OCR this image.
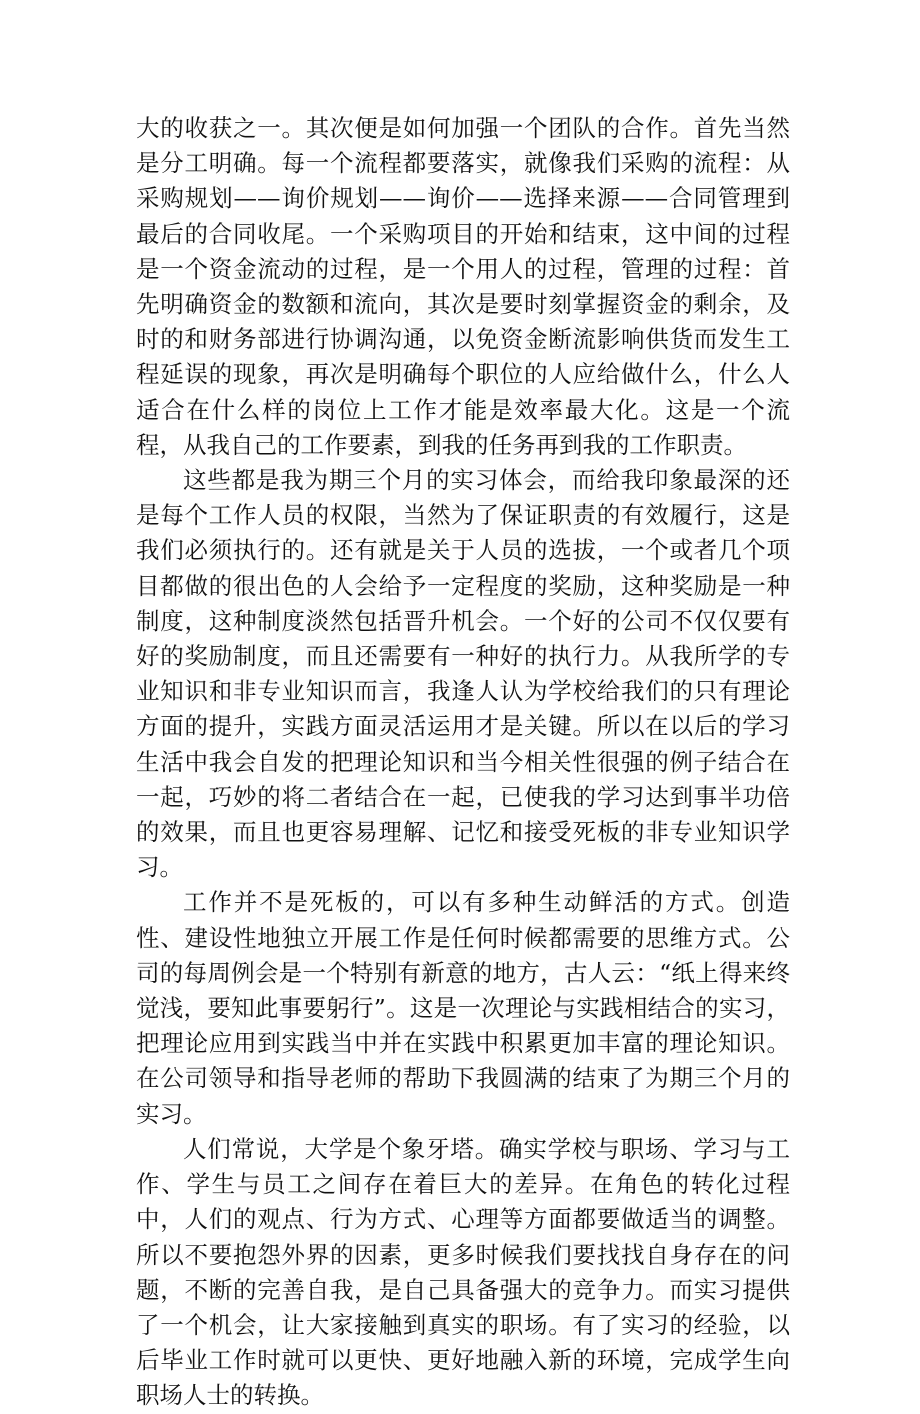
大的收获之一。其次便是如何加强一个团队的合作。首先当然是分工明确。每一个流程都要落实，就像我们采购的流程：从采购规划——询价规划——询价——选择来源——合同管理到最后的合同收尾。一个采购项目的开始和结束，这中间的过程是一个资金流动的过程，是一个用人的过程，管理的过程：首先明确资金的数额和流向，其次是要时刻掌握资金的剩余，及时的和财务部进行协调沟通，以免资金断流影响供货而发生工程延误的现象，再次是明确每个职位的人应给做什么，什么人适合在什么样的岗位上工作才能是效率最大化。这是一个流程，从我自己的工作要素，到我的任务再到我的工作职责。

这些都是我为期三个月的实习体会，而给我印象最深的还是每个工作人员的权限，当然为了保证职责的有效履行，这是我们必须执行的。还有就是关于人员的选拔，一个或者几个项目都做的很出色的人会给予一定程度的奖励，这种奖励是一种制度，这种制度淡然包括晋升机会。一个好的公司不仅仅要有好的奖励制度，而且还需要有一种好的执行力。从我所学的专业知识和非专业知识而言，我逢人认为学校给我们的只有理论方面的提升，实践方面灵活运用才是关键。所以在以后的学习生活中我会自发的把理论知识和当今相关性很强的例子结合在一起，巧妙的将二者结合在一起，已使我的学习达到事半功倍的效果，而且也更容易理解、记忆和接受死板的非专业知识学习。

工作并不是死板的，可以有多种生动鲜活的方式。创造性、建设性地独立开展工作是任何时候都需要的思维方式。公司的每周例会是一个特别有新意的地方，古人云：“纸上得来终觉浅，要知此事要躬行”。这是一次理论与实践相结合的实习，把理论应用到实践当中并在实践中积累更加丰富的理论知识。在公司领导和指导老师的帮助下我圆满的结束了为期三个月的实习。

人们常说，大学是个象牙塔。确实学校与职场、学习与工作、学生与员工之间存在着巨大的差异。在角色的转化过程中，人们的观点、行为方式、心理等方面都要做适当的调整。所以不要抱怨外界的因素，更多时候我们要找找自身存在的问题，不断的完善自我，是自己具备强大的竞争力。而实习提供了一个机会，让大家接触到真实的职场。有了实习的经验，以后毕业工作时就可以更快、更好地融入新的环境，完成学生向职场人士的转换。
